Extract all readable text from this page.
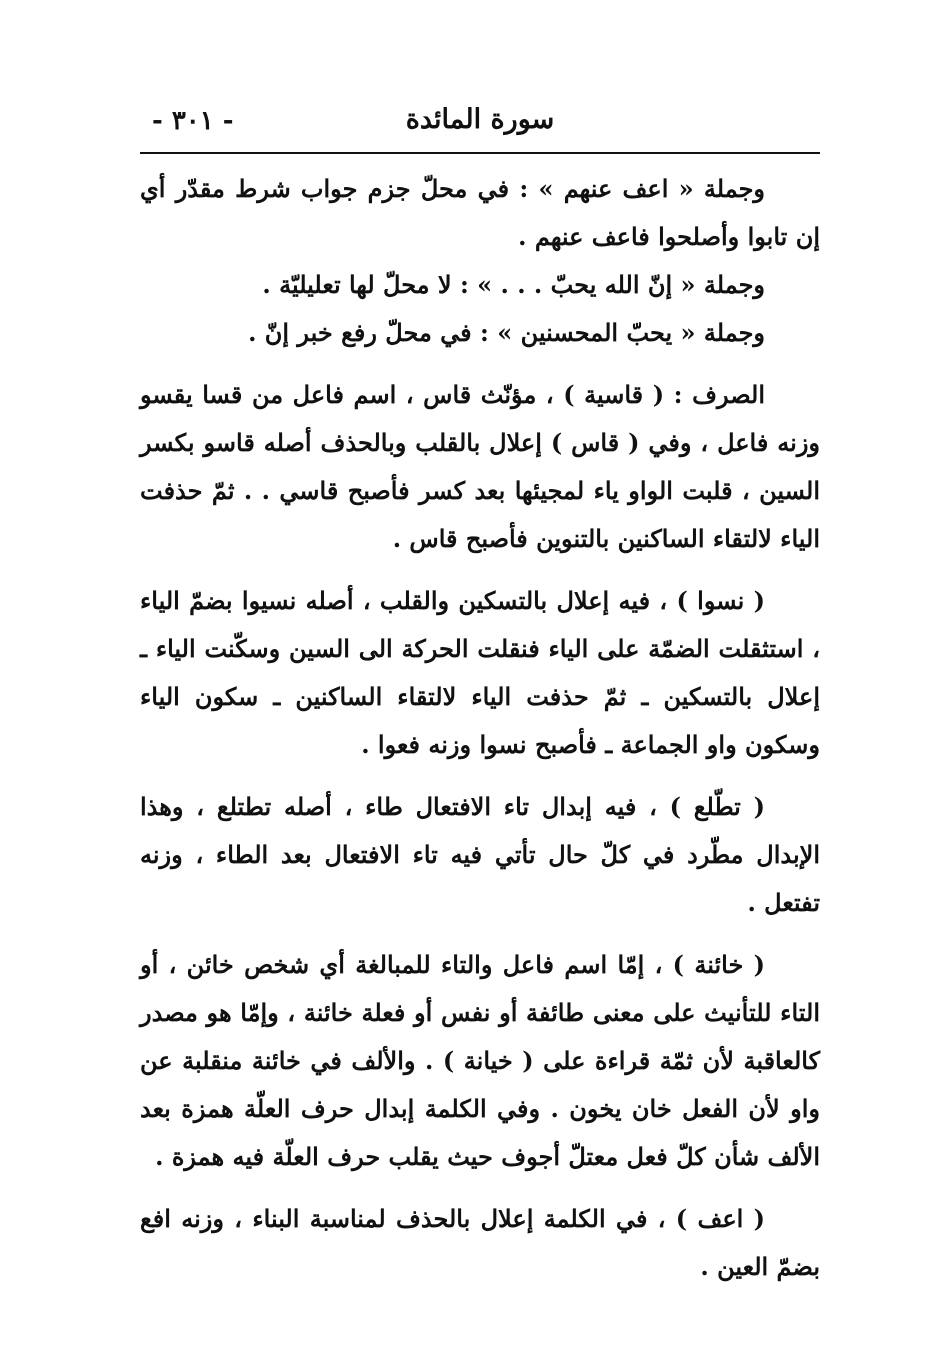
- ٣٠١ -	سورة المائدة

وجملة « اعف عنهم » : في محلّ جزم جواب شرط مقدّر أي إن تابوا وأصلحوا فاعف عنهم .

وجملة « إنّ الله يحبّ . . . » : لا محلّ لها تعليليّة .

وجملة « يحبّ المحسنين » : في محلّ رفع خبر إنّ .

الصرف : ( قاسية ) ، مؤنّث قاس ، اسم فاعل من قسا يقسو وزنه فاعل ، وفي ( قاس ) إعلال بالقلب وبالحذف أصله قاسو بكسر السين ، قلبت الواو ياء لمجيئها بعد كسر فأصبح قاسي . . ثمّ حذفت الياء لالتقاء الساكنين بالتنوين فأصبح قاس .

( نسوا ) ، فيه إعلال بالتسكين والقلب ، أصله نسيوا بضمّ الياء ، استثقلت الضمّة على الياء فنقلت الحركة الى السين وسكّنت الياء ـ إعلال بالتسكين ـ ثمّ حذفت الياء لالتقاء الساكنين ـ سكون الياء وسكون واو الجماعة ـ فأصبح نسوا وزنه فعوا .

( تطّلع ) ، فيه إبدال تاء الافتعال طاء ، أصله تطتلع ، وهذا الإبدال مطّرد في كلّ حال تأتي فيه تاء الافتعال بعد الطاء ، وزنه تفتعل .

( خائنة ) ، إمّا اسم فاعل والتاء للمبالغة أي شخص خائن ، أو التاء للتأنيث على معنى طائفة أو نفس أو فعلة خائنة ، وإمّا هو مصدر كالعاقبة لأن ثمّة قراءة على ( خيانة ) . والألف في خائنة منقلبة عن واو لأن الفعل خان يخون . وفي الكلمة إبدال حرف العلّة همزة بعد الألف شأن كلّ فعل معتلّ أجوف حيث يقلب حرف العلّة فيه همزة .

( اعف ) ، في الكلمة إعلال بالحذف لمناسبة البناء ، وزنه افع بضمّ العين .
